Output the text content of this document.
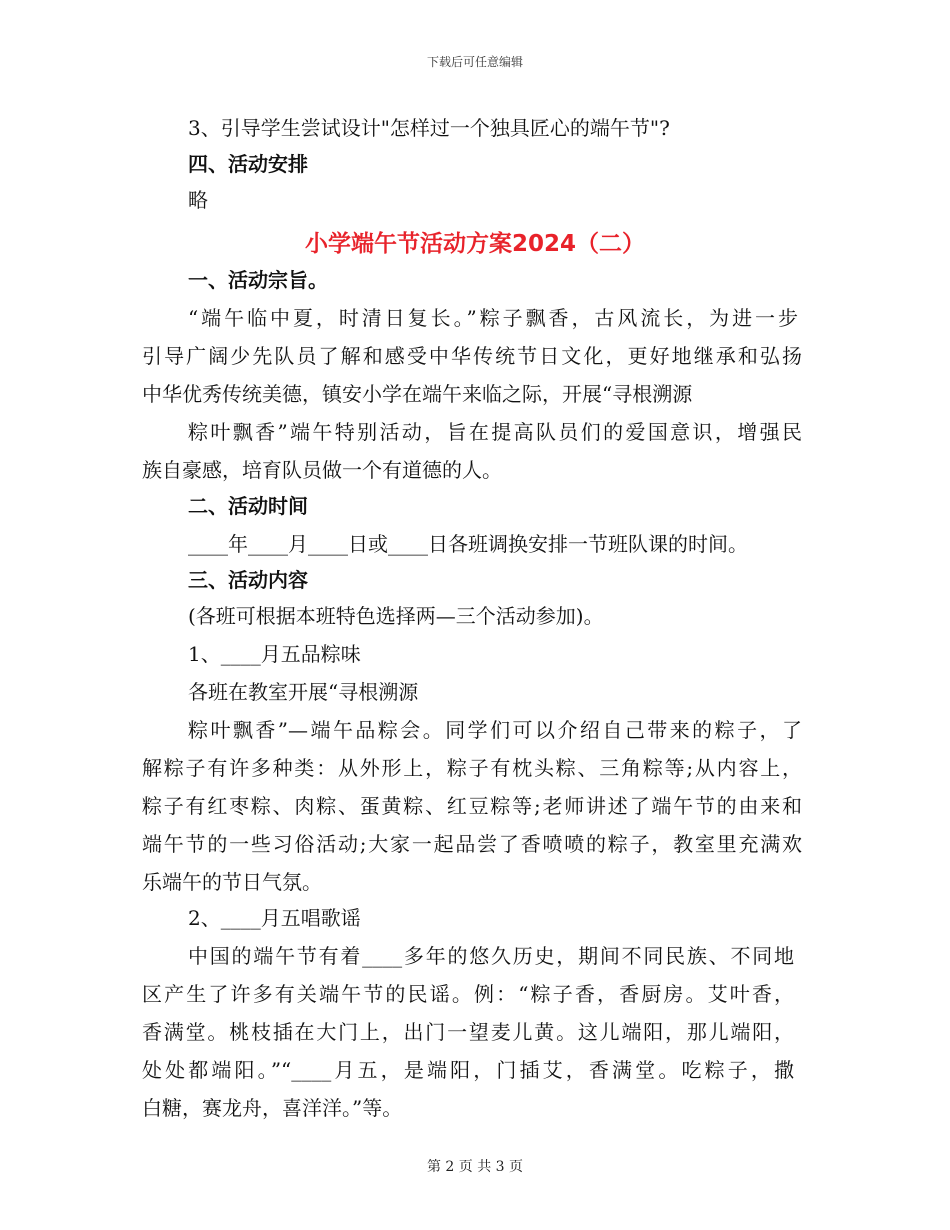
下载后可任意编辑
3、引导学生尝试设计"怎样过一个独具匠心的端午节"?
四、活动安排
略
小学端午节活动方案2024（二）
一、活动宗旨。
“端午临中夏，时清日复长。”粽子飘香，古风流长，为进一步
引导广阔少先队员了解和感受中华传统节日文化，更好地继承和弘扬
中华优秀传统美德，镇安小学在端午来临之际，开展“寻根溯源
粽叶飘香”端午特别活动，旨在提高队员们的爱国意识，增强民
族自豪感，培育队员做一个有道德的人。
二、活动时间
____年____月____日或____日各班调换安排一节班队课的时间。
三、活动内容
(各班可根据本班特色选择两—三个活动参加)。
1、____月五品粽味
各班在教室开展“寻根溯源
粽叶飘香”—端午品粽会。同学们可以介绍自己带来的粽子，了
解粽子有许多种类：从外形上，粽子有枕头粽、三角粽等;从内容上，
粽子有红枣粽、肉粽、蛋黄粽、红豆粽等;老师讲述了端午节的由来和
端午节的一些习俗活动;大家一起品尝了香喷喷的粽子，教室里充满欢
乐端午的节日气氛。
2、____月五唱歌谣
中国的端午节有着____多年的悠久历史，期间不同民族、不同地
区产生了许多有关端午节的民谣。例：“粽子香，香厨房。艾叶香，
香满堂。桃枝插在大门上，出门一望麦儿黄。这儿端阳，那儿端阳，
处处都端阳。”“____月五，是端阳，门插艾，香满堂。吃粽子，撒
白糖，赛龙舟，喜洋洋。”等。
第 2 页 共 3 页
